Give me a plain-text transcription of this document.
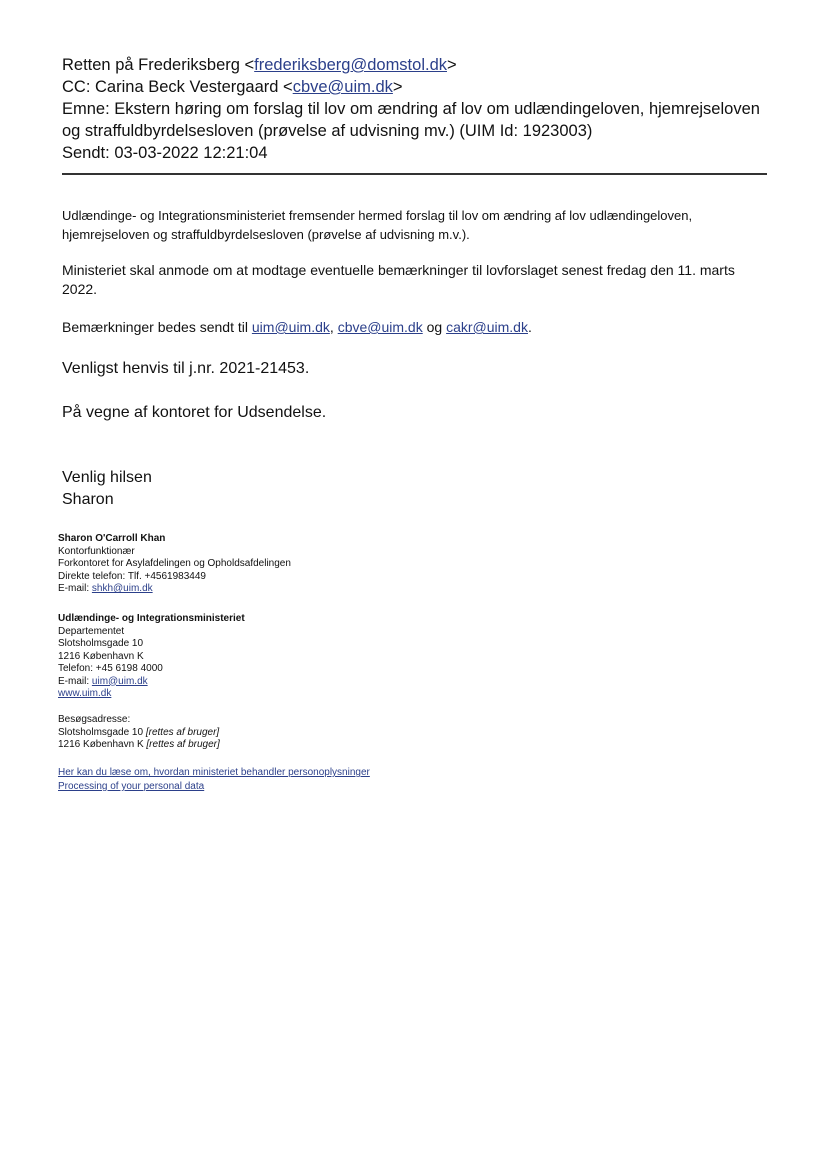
Retten på Frederiksberg <frederiksberg@domstol.dk>
CC: Carina Beck Vestergaard <cbve@uim.dk>
Emne: Ekstern høring om forslag til lov om ændring af lov om udlændingeloven, hjemrejseloven og straffuldbyrdelsesloven (prøvelse af udvisning mv.) (UIM Id: 1923003)
Sendt: 03-03-2022 12:21:04
Udlændinge- og Integrationsministeriet fremsender hermed forslag til lov om ændring af lov udlændingeloven, hjemrejseloven og straffuldbyrdelsesloven (prøvelse af udvisning m.v.).
Ministeriet skal anmode om at modtage eventuelle bemærkninger til lovforslaget senest fredag den 11. marts 2022.
Bemærkninger bedes sendt til uim@uim.dk, cbve@uim.dk og cakr@uim.dk.
Venligst henvis til j.nr. 2021-21453.
På vegne af kontoret for Udsendelse.
Venlig hilsen
Sharon
Sharon O'Carroll Khan
Kontorfunktionær
Forkontoret for Asylafdelingen og Opholdsafdelingen
Direkte telefon: Tlf. +4561983449
E-mail: shkh@uim.dk
Udlændinge- og Integrationsministeriet
Departementet
Slotsholmsgade 10
1216 København K
Telefon: +45 6198 4000
E-mail: uim@uim.dk
www.uim.dk
Besøgsadresse:
Slotsholmsgade 10 [rettes af bruger]
1216 København K [rettes af bruger]
Her kan du læse om, hvordan ministeriet behandler personoplysninger
Processing of your personal data
